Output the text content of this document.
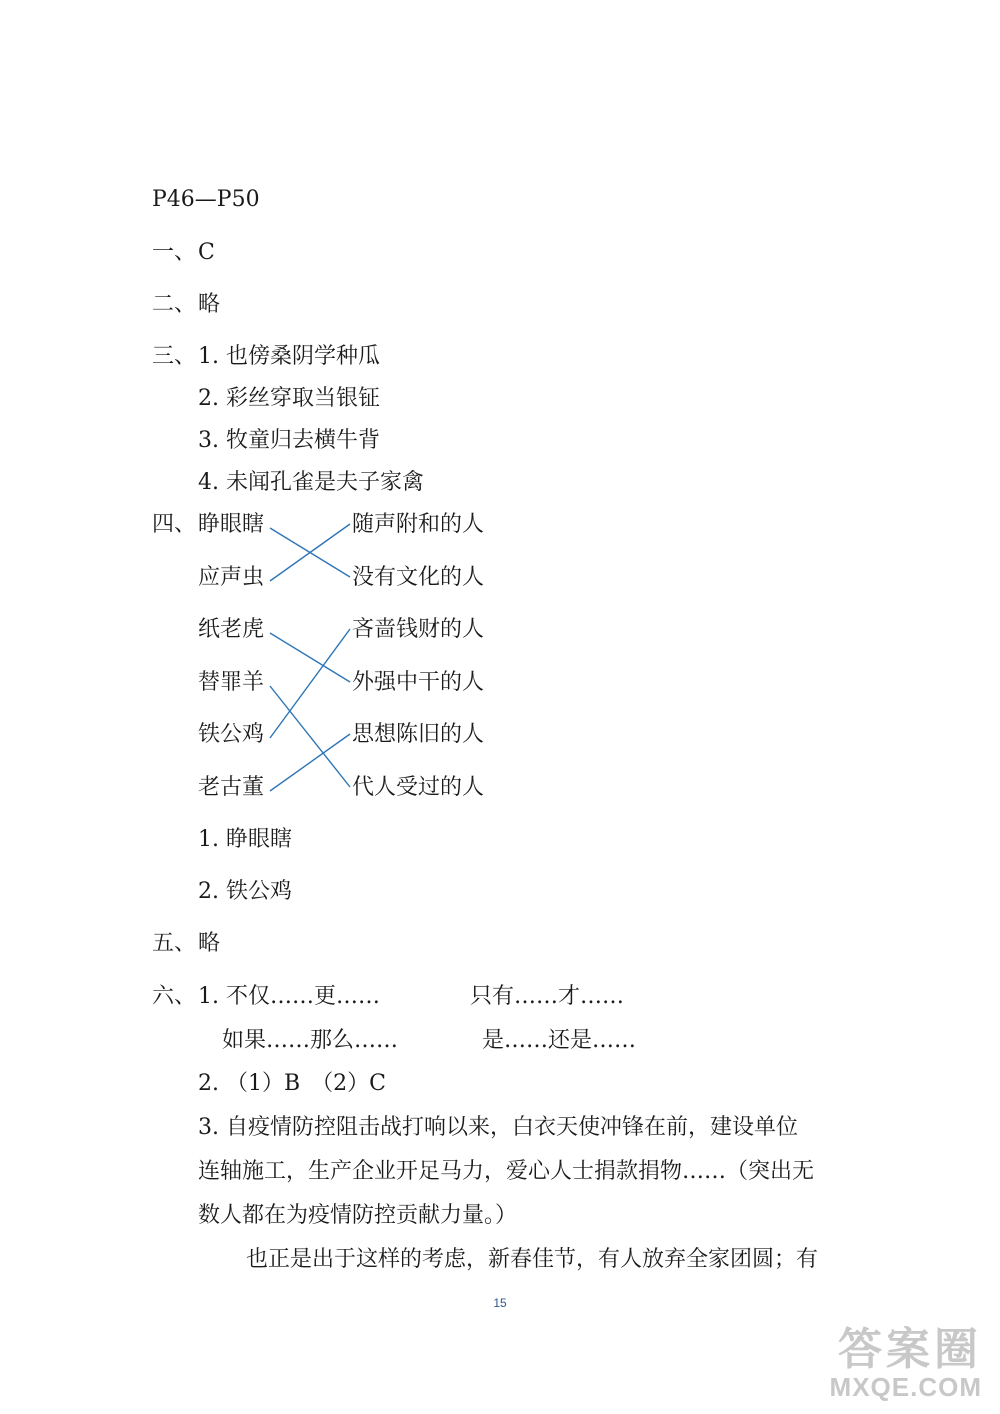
P46—P50
一、 C
二、 略
三、 1. 也傍桑阴学种瓜
2. 彩丝穿取当银钲
3. 牧童归去横牛背
4. 未闻孔雀是夫子家禽
四、 睁眼瞎
应声虫
纸老虎
替罪羊
铁公鸡
老古董
随声附和的人
没有文化的人
吝啬钱财的人
外强中干的人
思想陈旧的人
代人受过的人
1. 睁眼瞎
2. 铁公鸡
五、 略
六、 1. 不仅……更……	只有……才……
如果……那么……	是……还是……
2. （1）B　（2）C
3. 自疫情防控阻击战打响以来，白衣天使冲锋在前，建设单位
连轴施工，生产企业开足马力，爱心人士捐款捐物……（突出无
数人都在为疫情防控贡献力量。）
也正是出于这样的考虑，新春佳节，有人放弃全家团圆；有
15
答案圈
MXQE.COM
